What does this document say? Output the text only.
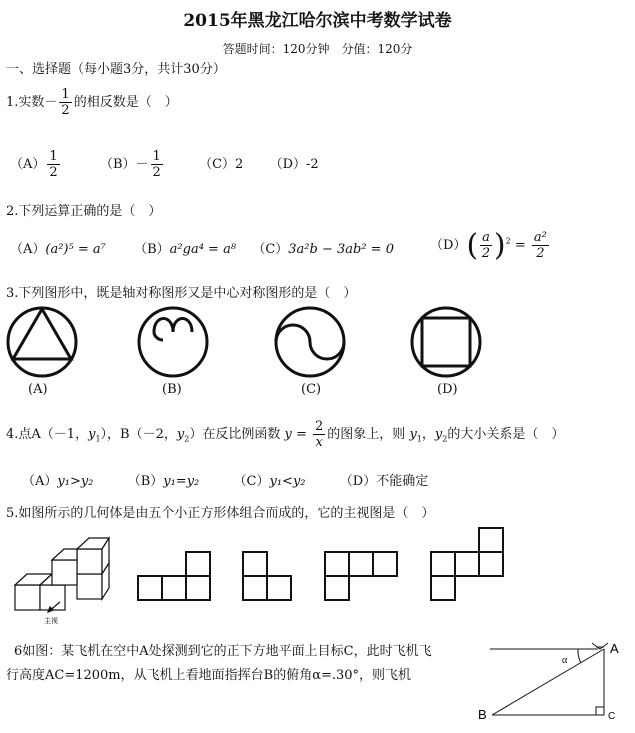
2015年黑龙江哈尔滨中考数学试卷
答题时间：120分钟　分值：120分
一、选择题（每小题3分，共计30分）
1.实数－ $\frac{1}{2}$ 的相反数是（　）
$(A) \frac{1}{2}$	$(B)- \frac{1}{2}$	（C）2 （D）-2
2.下列运算正确的是（　）
（A）(a²)⁵ = a⁷ （B）a²ga⁴ = a⁸ （C）3a²b − 3ab² = 0	$(D)( \frac{a}{2} )^2 = \frac{\text{a²}}{2}$
3.下列图形中，既是轴对称图形又是中心对称图形的是（　）
(A)	(B)	(C)	(D)
4.点A（－1，$y_1$），B（－2，$y_2$）在反比例函数 $y = \frac{2}{x}$ 的图象上，则 $y_1$，$y_2$的大小关系是（　）
（A）y₁>y₂	（B）y₁=y₂	（C）y₁<y₂	（D）不能确定
5.如图所示的几何体是由五个小正方形体组合而成的，它的主视图是（　）
主视
6如图：某飞机在空中A处探测到它的正下方地平面上目标C，此时飞机飞
行高度AC=1200m，从飞机上看地面指挥台B的俯角α=.30°，则飞机
A
B	C
α
